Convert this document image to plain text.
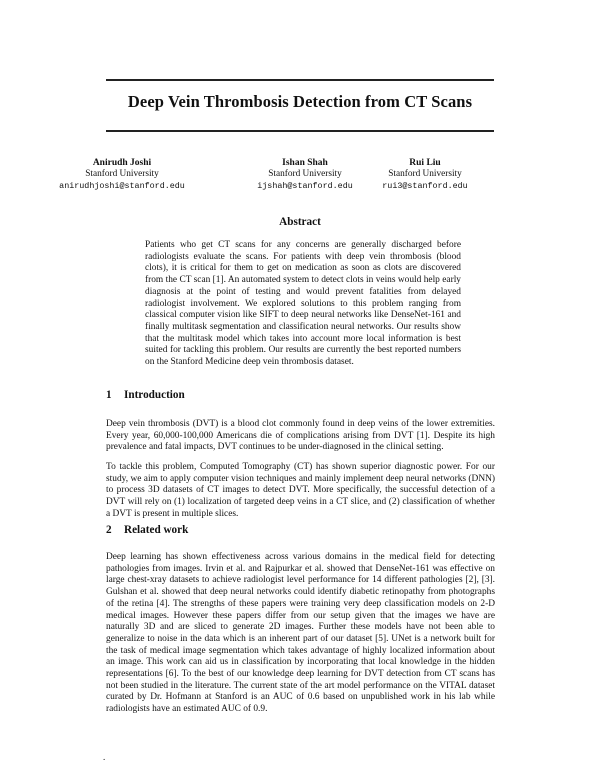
Deep Vein Thrombosis Detection from CT Scans
Anirudh Joshi
Stanford University
anirudhjoshi@stanford.edu
Ishan Shah
Stanford University
ijshah@stanford.edu
Rui Liu
Stanford University
rui3@stanford.edu
Abstract
Patients who get CT scans for any concerns are generally discharged before radiologists evaluate the scans. For patients with deep vein thrombosis (blood clots), it is critical for them to get on medication as soon as clots are discovered from the CT scan [1]. An automated system to detect clots in veins would help early diagnosis at the point of testing and would prevent fatalities from delayed radiologist involvement. We explored solutions to this problem ranging from classical computer vision like SIFT to deep neural networks like DenseNet-161 and finally multitask segmentation and classification neural networks. Our results show that the multitask model which takes into account more local information is best suited for tackling this problem. Our results are currently the best reported numbers on the Stanford Medicine deep vein thrombosis dataset.
1 Introduction
Deep vein thrombosis (DVT) is a blood clot commonly found in deep veins of the lower extremities. Every year, 60,000-100,000 Americans die of complications arising from DVT [1]. Despite its high prevalence and fatal impacts, DVT continues to be under-diagnosed in the clinical setting.
To tackle this problem, Computed Tomography (CT) has shown superior diagnostic power. For our study, we aim to apply computer vision techniques and mainly implement deep neural networks (DNN) to process 3D datasets of CT images to detect DVT. More specifically, the successful detection of a DVT will rely on (1) localization of targeted deep veins in a CT slice, and (2) classification of whether a DVT is present in multiple slices.
2 Related work
Deep learning has shown effectiveness across various domains in the medical field for detecting pathologies from images. Irvin et al. and Rajpurkar et al. showed that DenseNet-161 was effective on large chest-xray datasets to achieve radiologist level performance for 14 different pathologies [2], [3]. Gulshan et al. showed that deep neural networks could identify diabetic retinopathy from photographs of the retina [4]. The strengths of these papers were training very deep classification models on 2-D medical images. However these papers differ from our setup given that the images we have are naturally 3D and are sliced to generate 2D images. Further these models have not been able to generalize to noise in the data which is an inherent part of our dataset [5]. UNet is a network built for the task of medical image segmentation which takes advantage of highly localized information about an image. This work can aid us in classification by incorporating that local knowledge in the hidden representations [6]. To the best of our knowledge deep learning for DVT detection from CT scans has not been studied in the literature. The current state of the art model performance on the VITAL dataset curated by Dr. Hofmann at Stanford is an AUC of 0.6 based on unpublished work in his lab while radiologists have an estimated AUC of 0.9.
.
